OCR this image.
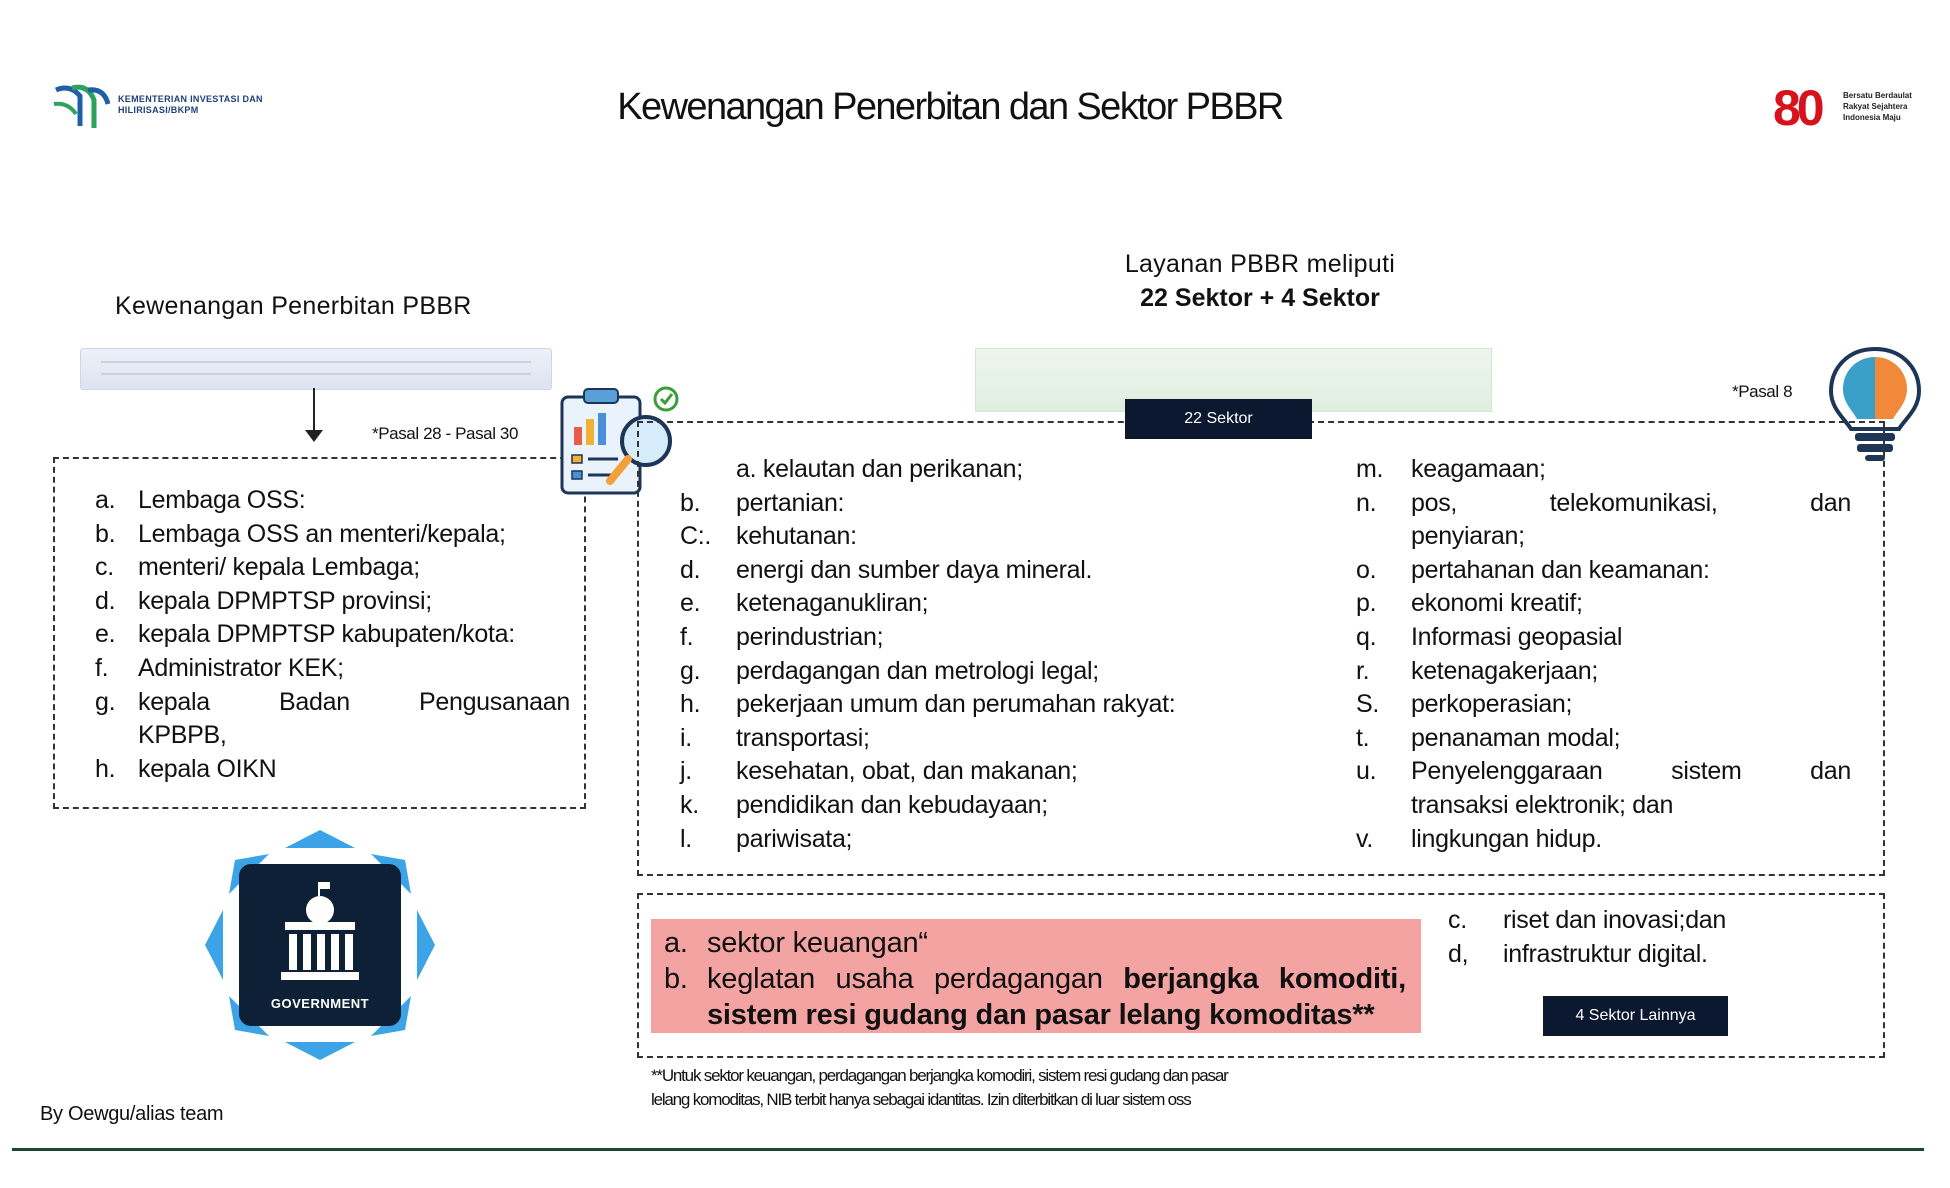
KEMENTERIAN INVESTASI DAN HILIRISASI/BKPM	Kewenangan Penerbitan dan Sektor PBBR	80	Bersatu Berdaulat Rakyat Sejahtera Indonesia Maju
Kewenangan Penerbitan PBBR
*Pasal 28 - Pasal 30
a. Lembaga OSS:
b. Lembaga OSS an menteri/kepala;
c. menteri/ kepala Lembaga;
d. kepala DPMPTSP provinsi;
e. kepala DPMPTSP kabupaten/kota:
f. Administrator KEK;
g. kepala Badan Pengusanaan
KPBPB,
h. kepala OIKN
GOVERNMENT
By Oewgu/alias team
Layanan PBBR meliputi
22 Sektor + 4 Sektor
*Pasal 8
22 Sektor
a. kelautan dan perikanan;
b. pertanian:
C:. kehutanan:
d. energi dan sumber daya mineral.
e. ketenaganukliran;
f. perindustrian;
g. perdagangan dan metrologi legal;
h. pekerjaan umum dan perumahan rakyat:
i. transportasi;
j. kesehatan, obat, dan makanan;
k. pendidikan dan kebudayaan;
l. pariwisata;
m. keagamaan;
n. pos, telekomunikasi, dan
penyiaran;
o. pertahanan dan keamanan:
p. ekonomi kreatif;
q. Informasi geopasial
r. ketenagakerjaan;
S. perkoperasian;
t. penanaman modal;
u. Penyelenggaraan sistem dan
transaksi elektronik; dan
v. lingkungan hidup.
a. sektor keuangan“
b. keglatan usaha perdagangan berjangka komoditi,
sistem resi gudang dan pasar lelang komoditas**
c. riset dan inovasi;dan
d, infrastruktur digital.
4 Sektor Lainnya
**Untuk sektor keuangan, perdagangan berjangka komodiri, sistem resi gudang dan pasar
lelang komoditas, NIB terbit hanya sebagai idantitas. Izin diterbitkan di luar sistem oss
